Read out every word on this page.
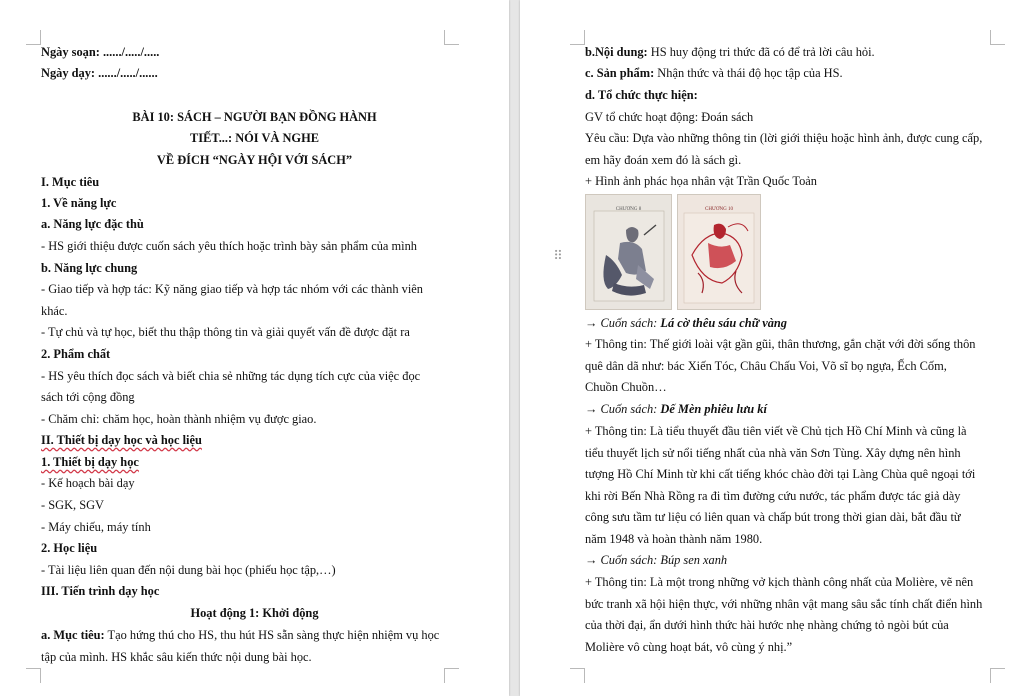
Ngày soạn: ....../...../.....
Ngày dạy: ....../...../......
BÀI 10: SÁCH – NGƯỜI BẠN ĐỒNG HÀNH
TIẾT...: NÓI VÀ NGHE
VỀ ĐÍCH “NGÀY HỘI VỚI SÁCH”
I. Mục tiêu
1. Về năng lực
a. Năng lực đặc thù
- HS giới thiệu được cuốn sách yêu thích hoặc trình bày sản phẩm của mình
b. Năng lực chung
- Giao tiếp và hợp tác: Kỹ năng giao tiếp và hợp tác nhóm với các thành viên
khác.
- Tự chủ và tự học, biết thu thập thông tin và giải quyết vấn đề được đặt ra
2. Phẩm chất
- HS yêu thích đọc sách và biết chia sẻ những tác dụng tích cực của việc đọc
sách tới cộng đồng
- Chăm chỉ: chăm học, hoàn thành nhiệm vụ được giao.
II. Thiết bị dạy học và học liệu
1. Thiết bị dạy học
- Kế hoạch bài dạy
- SGK, SGV
- Máy chiếu, máy tính
2. Học liệu
- Tài liệu liên quan đến nội dung bài học (phiếu học tập,…)
III. Tiến trình dạy học
Hoạt động 1: Khởi động
a. Mục tiêu: Tạo hứng thú cho HS, thu hút HS sẵn sàng thực hiện nhiệm vụ học
tập của mình. HS khắc sâu kiến thức nội dung bài học.
b.Nội dung: HS huy động tri thức đã có để trả lời câu hỏi.
c. Sản phẩm: Nhận thức và thái độ học tập của HS.
d. Tổ chức thực hiện:
GV tổ chức hoạt động: Đoán sách
Yêu cầu: Dựa vào những thông tin (lời giới thiệu hoặc hình ảnh, được cung cấp,
em hãy đoán xem đó là sách gì.
+ Hình ảnh phác họa nhân vật Trần Quốc Toản
CHƯƠNG 8	CHƯƠNG 10
→ Cuốn sách: Lá cờ thêu sáu chữ vàng
+ Thông tin: Thế giới loài vật gần gũi, thân thương, gắn chặt với đời sống thôn
quê dân dã như: bác Xiến Tóc, Châu Chấu Voi, Võ sĩ bọ ngựa, Ếch Cốm,
Chuồn Chuồn…
→ Cuốn sách: Dế Mèn phiêu lưu kí
+ Thông tin: Là tiểu thuyết đầu tiên viết về Chủ tịch Hồ Chí Minh và cũng là
tiểu thuyết lịch sử nổi tiếng nhất của nhà văn Sơn Tùng. Xây dựng nên hình
tượng Hồ Chí Minh từ khi cất tiếng khóc chào đời tại Làng Chùa quê ngoại tới
khi rời Bến Nhà Rồng ra đi tìm đường cứu nước, tác phẩm được tác giả dày
công sưu tầm tư liệu có liên quan và chấp bút trong thời gian dài, bắt đầu từ
năm 1948 và hoàn thành năm 1980.
→ Cuốn sách: Búp sen xanh
+ Thông tin: Là một trong những vở kịch thành công nhất của Molière, vẽ nên
bức tranh xã hội hiện thực, với những nhân vật mang sâu sắc tính chất điển hình
của thời đại, ẩn dưới hình thức hài hước nhẹ nhàng chứng tỏ ngòi bút của
Molière vô cùng hoạt bát, vô cùng ý nhị.”
⠿
